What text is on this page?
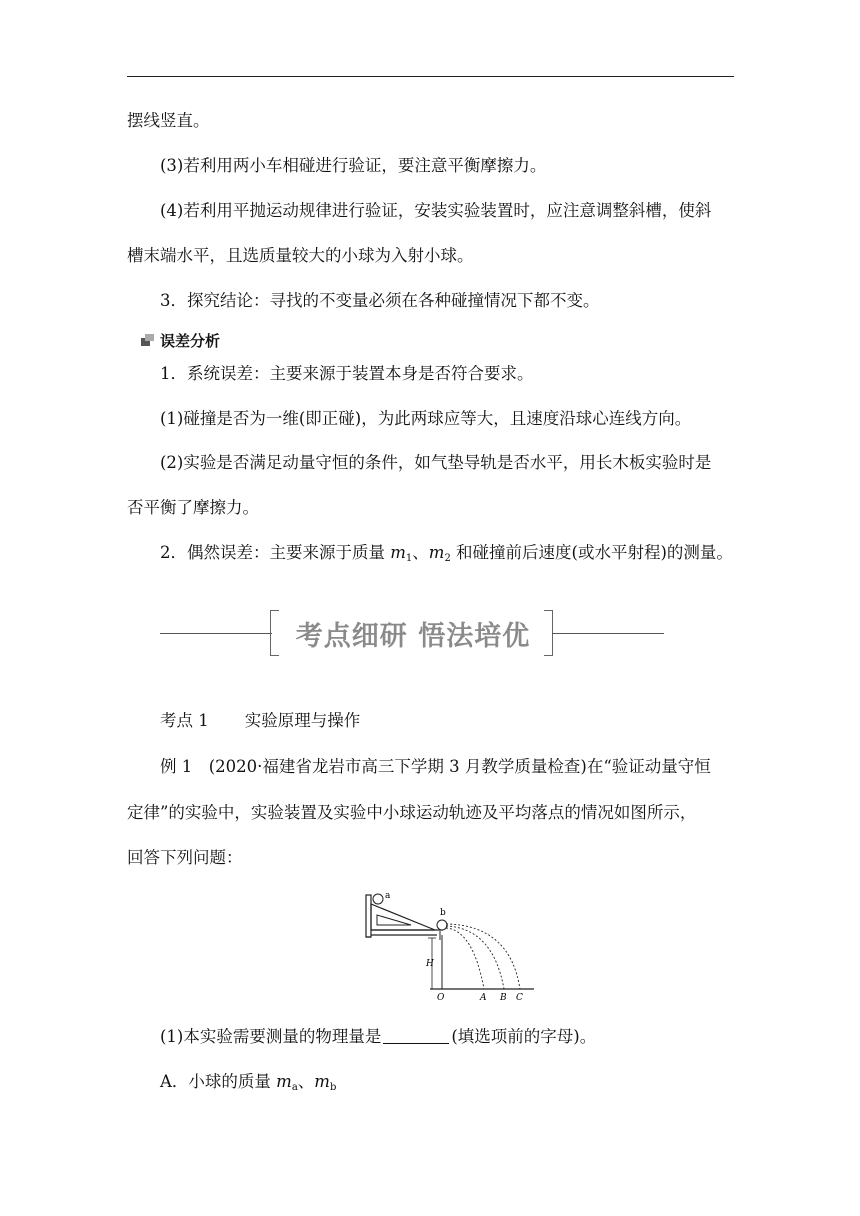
摆线竖直。
(3)若利用两小车相碰进行验证，要注意平衡摩擦力。
(4)若利用平抛运动规律进行验证，安装实验装置时，应注意调整斜槽，使斜
槽末端水平，且选质量较大的小球为入射小球。
3．探究结论：寻找的不变量必须在各种碰撞情况下都不变。
误差分析
1．系统误差：主要来源于装置本身是否符合要求。
(1)碰撞是否为一维(即正碰)，为此两球应等大，且速度沿球心连线方向。
(2)实验是否满足动量守恒的条件，如气垫导轨是否水平，用长木板实验时是
否平衡了摩擦力。
2．偶然误差：主要来源于质量 $m_1$、$m_2$ 和碰撞前后速度(或水平射程)的测量。
考点细研 悟法培优
考点 1 实验原理与操作
例 1　(2020·福建省龙岩市高三下学期 3 月教学质量检查)在“验证动量守恒
定律”的实验中，实验装置及实验中小球运动轨迹及平均落点的情况如图所示，
回答下列问题：
a
b
H
O	A B C
(1)本实验需要测量的物理量是	(填选项前的字母)。
A．小球的质量 $m_a$、$m_b$
